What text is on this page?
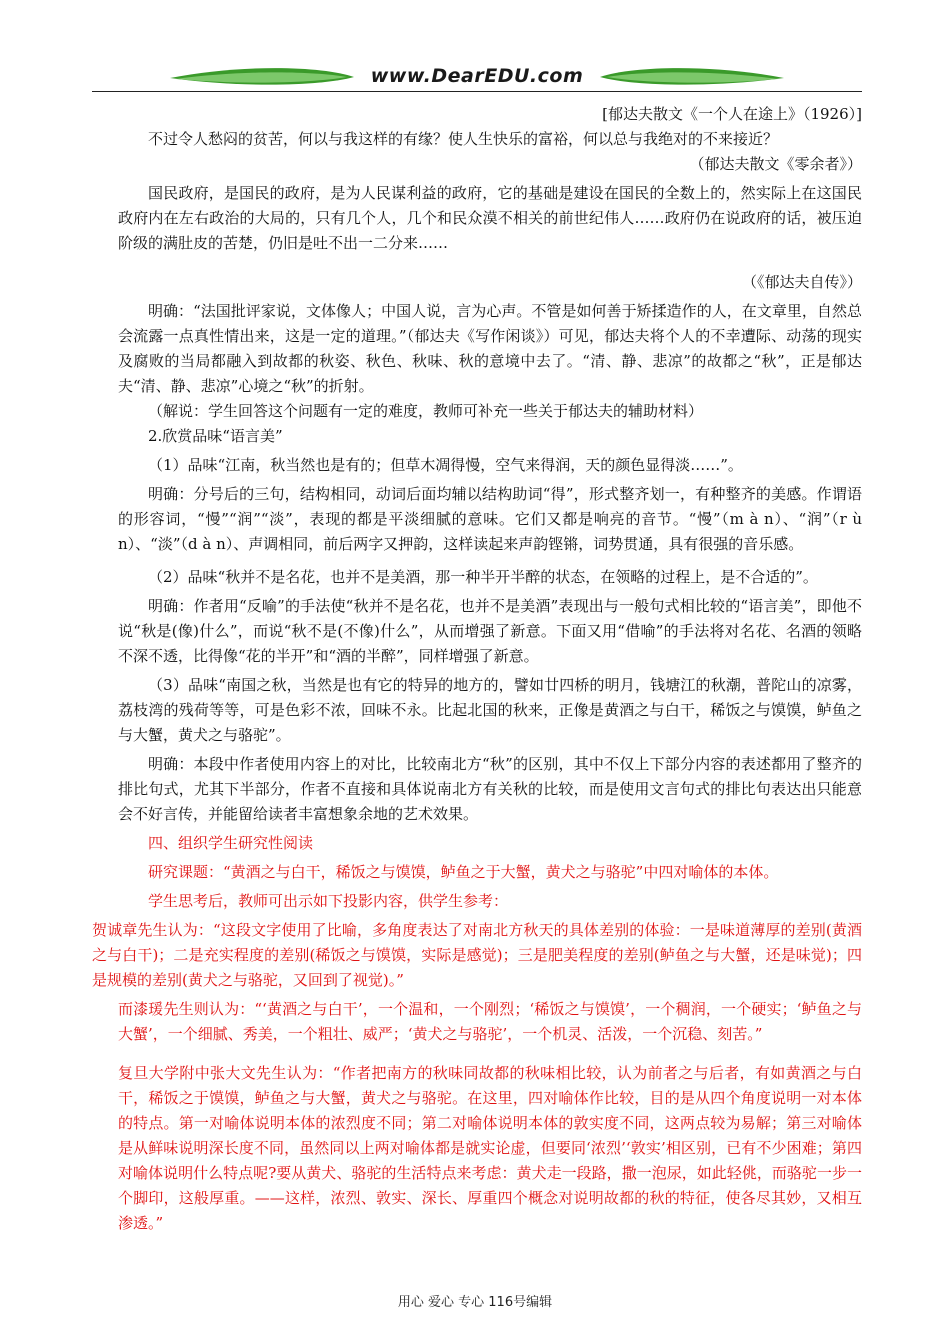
www.DearEDU.com

[郁达夫散文《一个人在途上》（1926）]

不过令人愁闷的贫苦，何以与我这样的有缘？使人生快乐的富裕，何以总与我绝对的不来接近？

（郁达夫散文《零余者》）

国民政府，是国民的政府，是为人民谋利益的政府，它的基础是建设在国民的全数上的，然实际上在这国民政府内在左右政治的大局的，只有几个人，几个和民众漠不相关的前世纪伟人……政府仍在说政府的话，被压迫阶级的满肚皮的苦楚，仍旧是吐不出一二分来……

（《郁达夫自传》）

明确：“法国批评家说，文体像人；中国人说，言为心声。不管是如何善于矫揉造作的人，在文章里，自然总会流露一点真性情出来，这是一定的道理。”（郁达夫《写作闲谈》）可见，郁达夫将个人的不幸遭际、动荡的现实及腐败的当局都融入到故都的秋姿、秋色、秋味、秋的意境中去了。“清、静、悲凉”的故都之“秋”，正是郁达夫“清、静、悲凉”心境之“秋”的折射。

（解说：学生回答这个问题有一定的难度，教师可补充一些关于郁达夫的辅助材料）

2.欣赏品味“语言美”

（1）品味“江南，秋当然也是有的；但草木凋得慢，空气来得润，天的颜色显得淡……”。

明确：分号后的三句，结构相同，动词后面均辅以结构助词“得”，形式整齐划一，有种整齐的美感。作谓语的形容词，“慢”“润”“淡”，表现的都是平淡细腻的意味。它们又都是响亮的音节。“慢”（m à n）、“润”（r ù n）、“淡”（d à n）、声调相同，前后两字又押韵，这样读起来声韵铿锵，词势贯通，具有很强的音乐感。

（2）品味“秋并不是名花，也并不是美酒，那一种半开半醉的状态，在领略的过程上，是不合适的”。

明确：作者用“反喻”的手法使“秋并不是名花，也并不是美酒”表现出与一般句式相比较的“语言美”，即他不说“秋是(像)什么”，而说“秋不是(不像)什么”，从而增强了新意。下面又用“借喻”的手法将对名花、名酒的领略不深不透，比得像“花的半开”和“酒的半醉”，同样增强了新意。

（3）品味“南国之秋，当然是也有它的特异的地方的，譬如廿四桥的明月，钱塘江的秋潮，普陀山的凉雾，荔枝湾的残荷等等，可是色彩不浓，回味不永。比起北国的秋来，正像是黄酒之与白干，稀饭之与馍馍，鲈鱼之与大蟹，黄犬之与骆驼”。

明确：本段中作者使用内容上的对比，比较南北方“秋”的区别，其中不仅上下部分内容的表述都用了整齐的排比句式，尤其下半部分，作者不直接和具体说南北方有关秋的比较，而是使用文言句式的排比句表达出只能意会不好言传，并能留给读者丰富想象余地的艺术效果。

四、组织学生研究性阅读

研究课题：“黄酒之与白干，稀饭之与馍馍，鲈鱼之于大蟹，黄犬之与骆驼”中四对喻体的本体。

学生思考后，教师可出示如下投影内容，供学生参考：

贺诚章先生认为：“这段文字使用了比喻，多角度表达了对南北方秋天的具体差别的体验：一是味道薄厚的差别(黄酒之与白干)；二是充实程度的差别(稀饭之与馍馍，实际是感觉)；三是肥美程度的差别(鲈鱼之与大蟹，还是味觉)；四是规模的差别(黄犬之与骆驼，又回到了视觉)。”

而漆瑗先生则认为：“‘黄酒之与白干’，一个温和，一个刚烈；‘稀饭之与馍馍’，一个稠润，一个硬实；‘鲈鱼之与大蟹’，一个细腻、秀美，一个粗壮、威严；‘黄犬之与骆驼’，一个机灵、活泼，一个沉稳、刻苦。”

复旦大学附中张大文先生认为：“作者把南方的秋味同故都的秋味相比较，认为前者之与后者，有如黄酒之与白干，稀饭之于馍馍，鲈鱼之与大蟹，黄犬之与骆驼。在这里，四对喻体作比较，目的是从四个角度说明一对本体的特点。第一对喻体说明本体的浓烈度不同；第二对喻体说明本体的敦实度不同，这两点较为易解；第三对喻体是从鲜味说明深长度不同，虽然同以上两对喻体都是就实论虚，但要同‘浓烈’‘敦实’相区别，已有不少困难；第四对喻体说明什么特点呢?要从黄犬、骆驼的生活特点来考虑：黄犬走一段路，撒一泡尿，如此轻佻，而骆驼一步一个脚印，这般厚重。——这样，浓烈、敦实、深长、厚重四个概念对说明故都的秋的特征，使各尽其妙，又相互渗透。”

用心 爱心 专心 116号编辑
